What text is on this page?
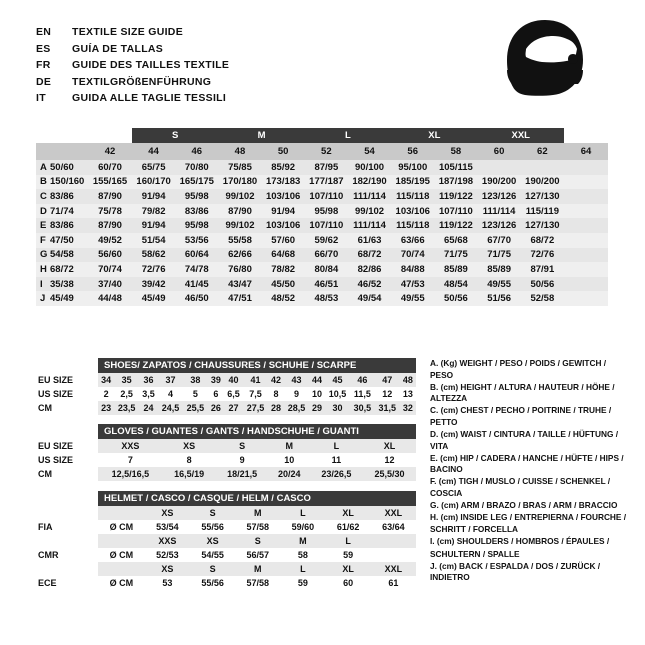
EN	TEXTILE SIZE GUIDE
ES	GUÍA DE TALLAS
FR	GUIDE DES TAILLES TEXTILE
DE	TEXTILGRÖßENFÜHRUNG
IT	GUIDA ALLE TAGLIE TESSILI
			S		M		L		XL		XXL		
		42	44	46	48	50	52	54	56	58	60	62	64
A	50/60	60/70	65/75	70/80	75/85	85/92	87/95	90/100	95/100	105/115			
B	150/160	155/165	160/170	165/175	170/180	173/183	177/187	182/190	185/195	187/198	190/200	190/200	
C	83/86	87/90	91/94	95/98	99/102	103/106	107/110	111/114	115/118	119/122	123/126	127/130	
D	71/74	75/78	79/82	83/86	87/90	91/94	95/98	99/102	103/106	107/110	111/114	115/119	
E	83/86	87/90	91/94	95/98	99/102	103/106	107/110	111/114	115/118	119/122	123/126	127/130	
F	47/50	49/52	51/54	53/56	55/58	57/60	59/62	61/63	63/66	65/68	67/70	68/72	
G	54/58	56/60	58/62	60/64	62/66	64/68	66/70	68/72	70/74	71/75	71/75	72/76	
H	68/72	70/74	72/76	74/78	76/80	78/82	80/84	82/86	84/88	85/89	85/89	87/91	
I	35/38	37/40	39/42	41/45	43/47	45/50	46/51	46/52	47/53	48/54	49/55	50/56	
J	45/49	44/48	45/49	46/50	47/51	48/52	48/53	49/54	49/55	50/56	51/56	52/58	
	SHOES/ ZAPATOS / CHAUSSURES / SCHUHE / SCARPE														
EU SIZE	34	35	36	37	38	39	40	41	42	43	44	45	46	47	48
US SIZE	2	2,5	3,5	4	5	6	6,5	7,5	8	9	10	10,5	11,5	12	13
CM	23	23,5	24	24,5	25,5	26	27	27,5	28	28,5	29	30	30,5	31,5	32
	GLOVES / GUANTES / GANTS / HANDSCHUHE / GUANTI					
EU SIZE	XXS	XS	S	M	L	XL
US SIZE	7	8	9	10	11	12
CM	12,5/16,5	16,5/19	18/21,5	20/24	23/26,5	25,5/30
	HELMET / CASCO / CASQUE / HELM / CASCO						
		XS	S	M	L	XL	XXL
FIA	Ø CM	53/54	55/56	57/58	59/60	61/62	63/64
		XXS	XS	S	M	L	
CMR	Ø CM	52/53	54/55	56/57	58	59	
		XS	S	M	L	XL	XXL
ECE	Ø CM	53	55/56	57/58	59	60	61
A. (Kg) WEIGHT / PESO / POIDS / GEWITCH / PESO
B. (cm) HEIGHT / ALTURA / HAUTEUR / HÖHE / ALTEZZA
C. (cm) CHEST / PECHO / POITRINE / TRUHE / PETTO
D. (cm) WAIST / CINTURA / TAILLE / HÜFTUNG / VITA
E. (cm) HIP / CADERA / HANCHE / HÜFTE / HIPS / BACINO
F. (cm) TIGH / MUSLO / CUISSE / SCHENKEL / COSCIA
G. (cm) ARM / BRAZO / BRAS / ARM / BRACCIO
H. (cm) INSIDE LEG / ENTREPIERNA / FOURCHE /
SCHRITT / FORCELLA
I. (cm) SHOULDERS / HOMBROS / ÉPAULES /
SCHULTERN / SPALLE
J. (cm) BACK / ESPALDA / DOS / ZURÜCK / INDIETRO
